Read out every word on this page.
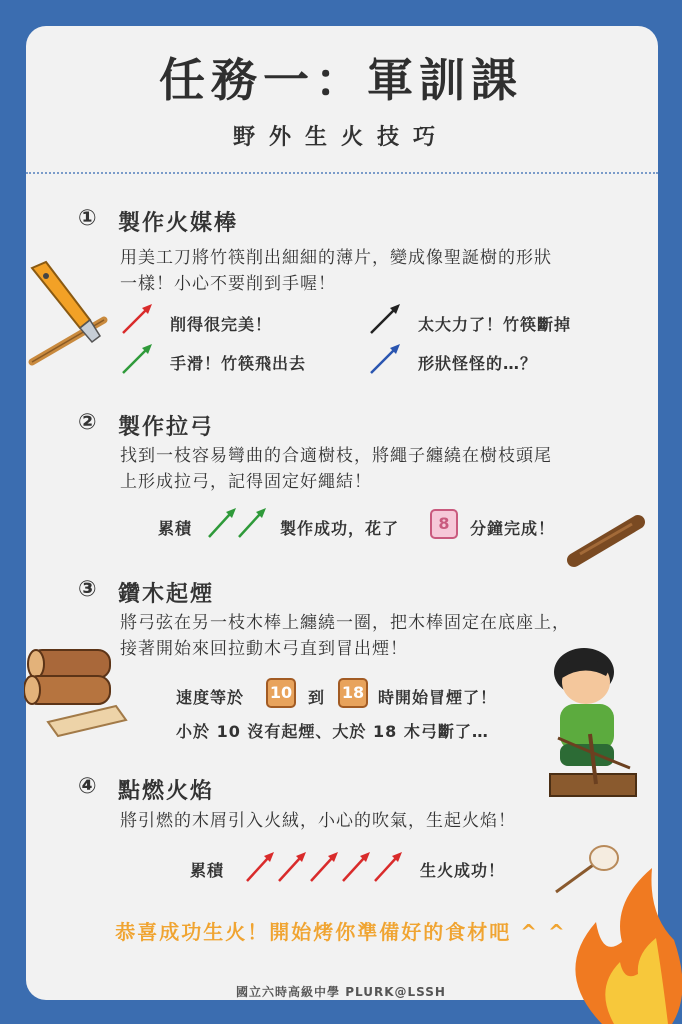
任務一：軍訓課
野外生火技巧
① 製作火媒棒
用美工刀將竹筷削出細細的薄片，變成像聖誕樹的形狀
一樣！小心不要削到手喔！
削得很完美！	太大力了！竹筷斷掉
手滑！竹筷飛出去	形狀怪怪的…？
② 製作拉弓
找到一枝容易彎曲的合適樹枝，將繩子纏繞在樹枝頭尾
上形成拉弓，記得固定好繩結！
累積	製作成功，花了	8	分鐘完成！
③ 鑽木起煙
將弓弦在另一枝木棒上纏繞一圈，把木棒固定在底座上，
接著開始來回拉動木弓直到冒出煙！
速度等於 10 到 18 時開始冒煙了！
小於 10 沒有起煙、大於 18 木弓斷了…
④ 點燃火焰
將引燃的木屑引入火絨，小心的吹氣，生起火焰！
累積	生火成功！
恭喜成功生火！開始烤你準備好的食材吧 ^ ^
國立六時高級中學 PLURK@LSSH
